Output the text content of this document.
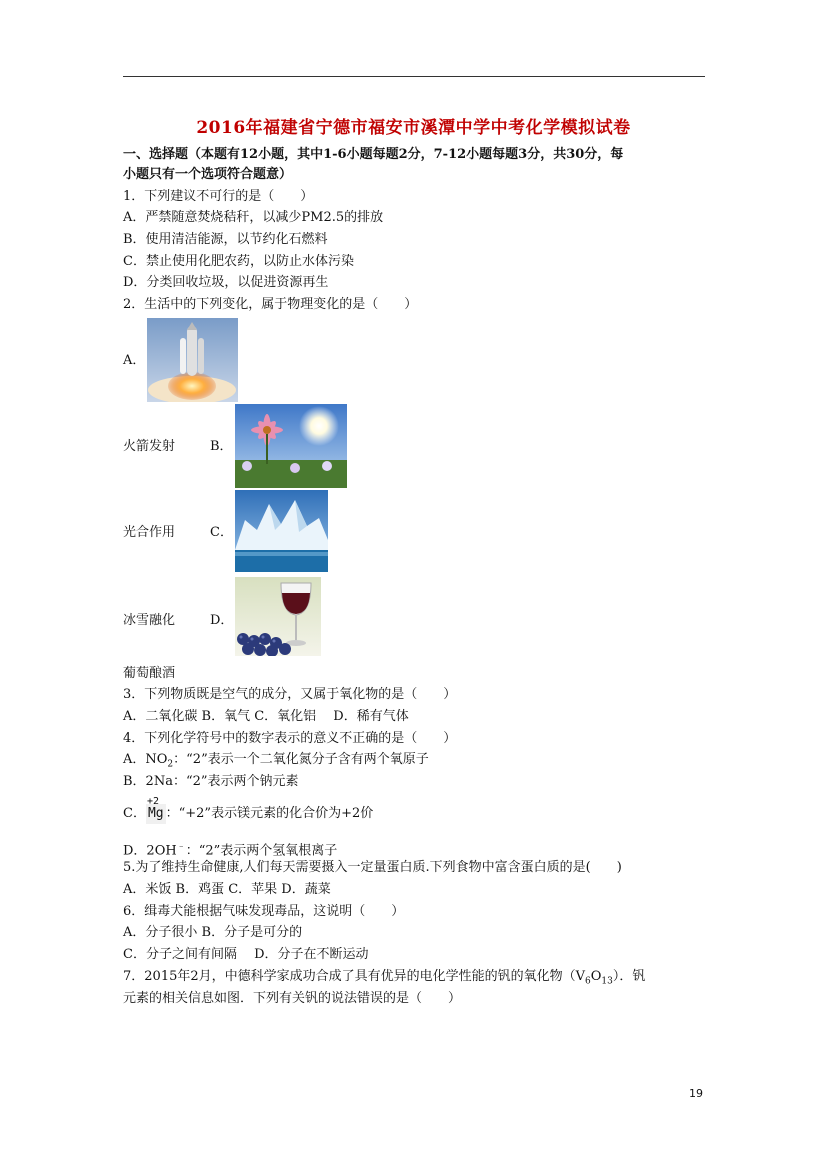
2016年福建省宁德市福安市溪潭中学中考化学模拟试卷
一、选择题（本题有12小题，其中1-6小题每题2分，7-12小题每题3分，共30分，每
小题只有一个选项符合题意）
1．下列建议不可行的是（　　）
A．严禁随意焚烧秸秆，以减少PM2.5的排放
B．使用清洁能源，以节约化石燃料
C．禁止使用化肥农药，以防止水体污染
D．分类回收垃圾，以促进资源再生
2．生活中的下列变化，属于物理变化的是（　　）
A．
火箭发射	B．
光合作用	C．
冰雪融化	D．
葡萄酿酒
3．下列物质既是空气的成分，又属于氧化物的是（　　）
A．二氧化碳 B．氧气 C．氧化铝　 D．稀有气体
4．下列化学符号中的数字表示的意义不正确的是（　　）
A．$NO_2$：“2”表示一个二氧化氮分子含有两个氧原子
B．2Na：“2”表示两个钠元素
C．
+2
Mg ：“+2”表示镁元素的化合价为+2价
D．2OH﹣：“2”表示两个氢氧根离子
5.为了维持生命健康,人们每天需要摄入一定量蛋白质.下列食物中富含蛋白质的是(　　)
A．米饭 B．鸡蛋 C．苹果 D．蔬菜
6．缉毒犬能根据气味发现毒品，这说明（　　）
A．分子很小 B．分子是可分的
C．分子之间有间隔　 D．分子在不断运动
7．2015年2月，中德科学家成功合成了具有优异的电化学性能的钒的氧化物$(V_6O_{13})$．钒
元素的相关信息如图．下列有关钒的说法错误的是（　　）
19
